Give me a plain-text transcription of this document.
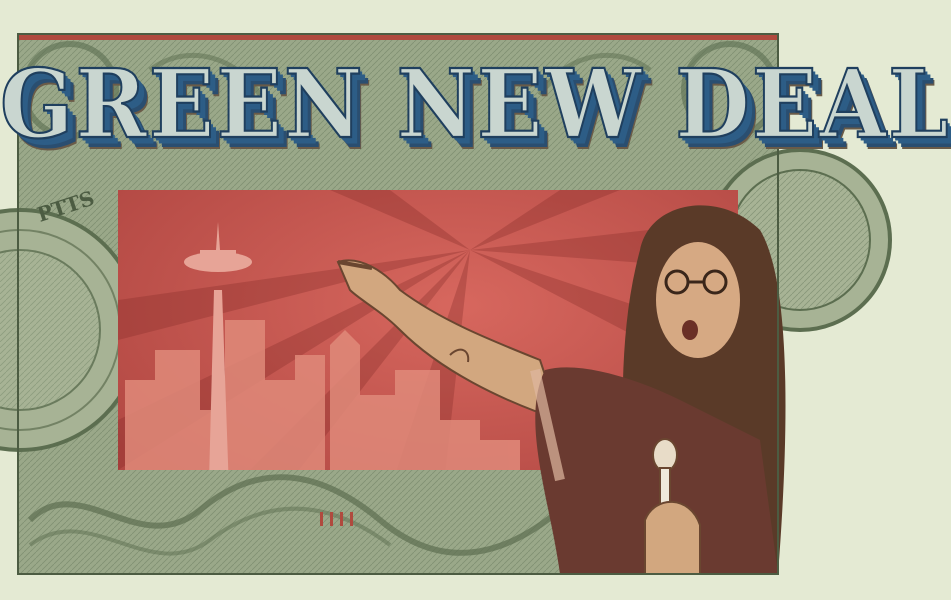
PTTS
GREEN NEW DEAL
